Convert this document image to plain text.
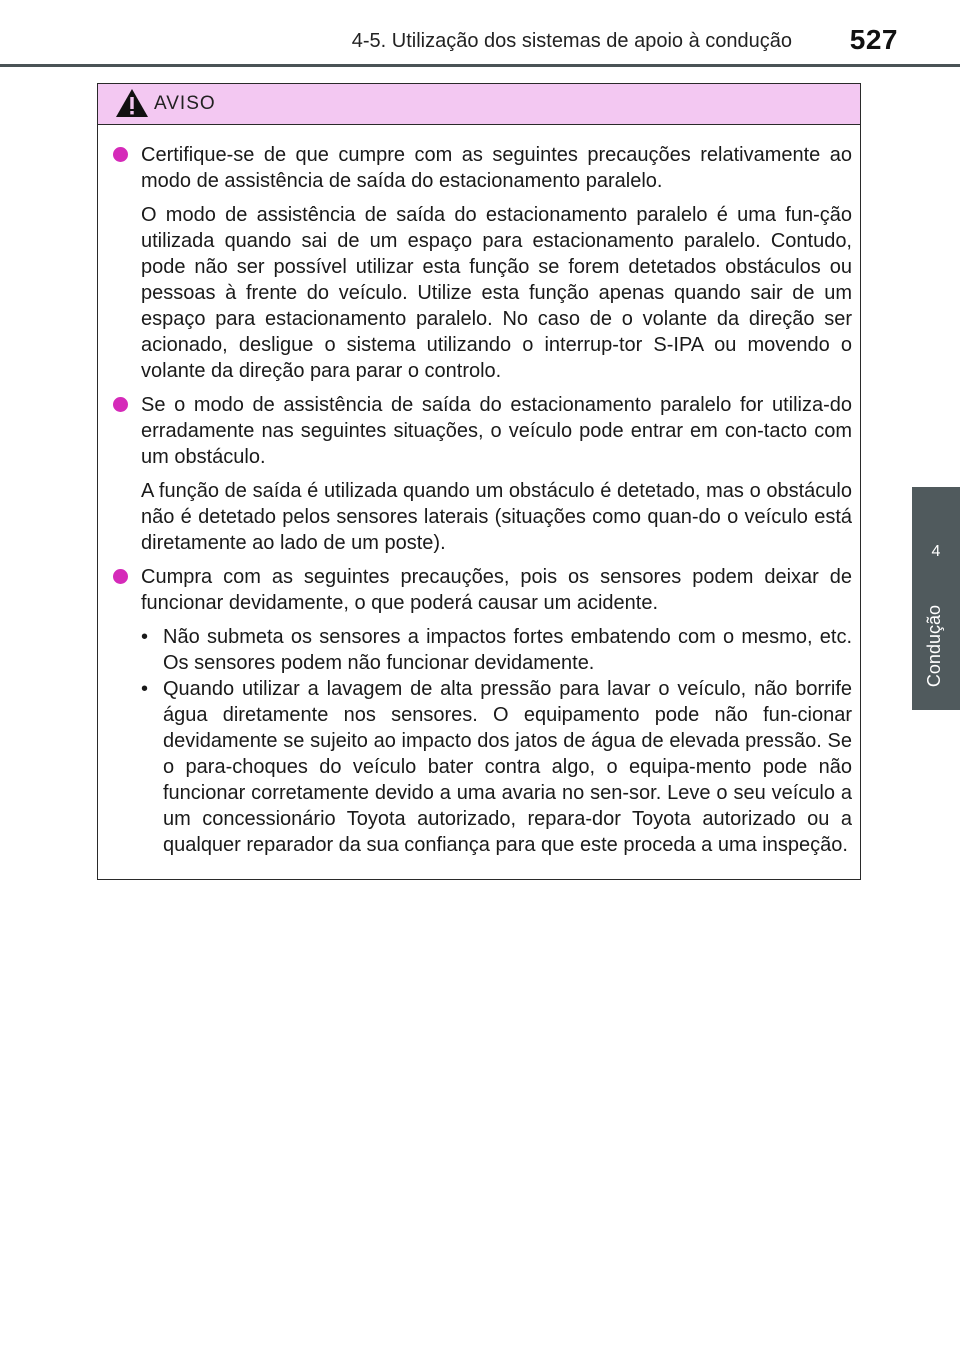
4-5. Utilização dos sistemas de apoio à condução 527
4
Condução
AVISO

Certifique-se de que cumpre com as seguintes precauções relativamente ao modo de assistência de saída do estacionamento paralelo.

O modo de assistência de saída do estacionamento paralelo é uma fun-ção utilizada quando sai de um espaço para estacionamento paralelo. Contudo, pode não ser possível utilizar esta função se forem detetados obstáculos ou pessoas à frente do veículo. Utilize esta função apenas quando sair de um espaço para estacionamento paralelo. No caso de o volante da direção ser acionado, desligue o sistema utilizando o interrup-tor S-IPA ou movendo o volante da direção para parar o controlo.

Se o modo de assistência de saída do estacionamento paralelo for utiliza-do erradamente nas seguintes situações, o veículo pode entrar em con-tacto com um obstáculo.

A função de saída é utilizada quando um obstáculo é detetado, mas o obstáculo não é detetado pelos sensores laterais (situações como quan-do o veículo está diretamente ao lado de um poste).

Cumpra com as seguintes precauções, pois os sensores podem deixar de funcionar devidamente, o que poderá causar um acidente.

• Não submeta os sensores a impactos fortes embatendo com o mesmo, etc. Os sensores podem não funcionar devidamente.
• Quando utilizar a lavagem de alta pressão para lavar o veículo, não borrife água diretamente nos sensores. O equipamento pode não fun-cionar devidamente se sujeito ao impacto dos jatos de água de elevada pressão. Se o para-choques do veículo bater contra algo, o equipa-mento pode não funcionar corretamente devido a uma avaria no sen-sor. Leve o seu veículo a um concessionário Toyota autorizado, repara-dor Toyota autorizado ou a qualquer reparador da sua confiança para que este proceda a uma inspeção.
